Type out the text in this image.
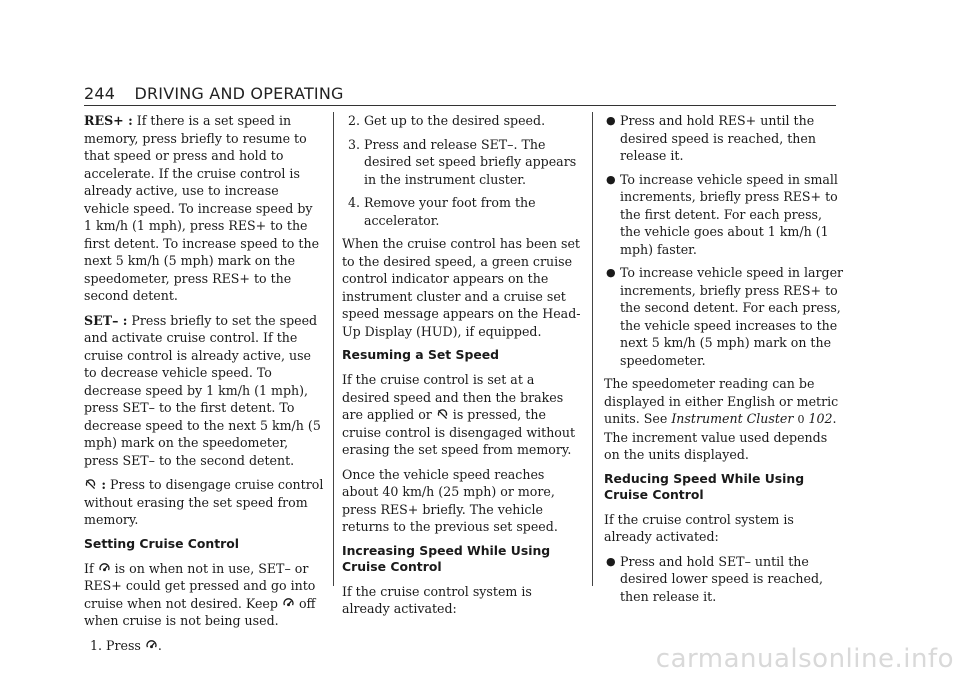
244 DRIVING AND OPERATING

RES+ : If there is a set speed in memory, press briefly to resume to that speed or press and hold to accelerate. If the cruise control is already active, use to increase vehicle speed. To increase speed by 1 km/h (1 mph), press RES+ to the first detent. To increase speed to the next 5 km/h (5 mph) mark on the speedometer, press RES+ to the second detent.

SET– : Press briefly to set the speed and activate cruise control. If the cruise control is already active, use to decrease vehicle speed. To decrease speed by 1 km/h (1 mph), press SET– to the first detent. To decrease speed to the next 5 km/h (5 mph) mark on the speedometer, press SET– to the second detent.

: Press to disengage cruise control without erasing the set speed from memory.

Setting Cruise Control

If
is on when not in use, SET– or RES+ could get pressed and go into cruise when not desired. Keep
off when cruise is not being used.

1. Press
.
2. Get up to the desired speed.
3. Press and release SET–. The desired set speed briefly appears in the instrument cluster.
4. Remove your foot from the accelerator.

When the cruise control has been set to the desired speed, a green cruise control indicator appears on the instrument cluster and a cruise set speed message appears on the Head-Up Display (HUD), if equipped.

Resuming a Set Speed

If the cruise control is set at a desired speed and then the brakes are applied or
is pressed, the cruise control is disengaged without erasing the set speed from memory.

Once the vehicle speed reaches about 40 km/h (25 mph) or more, press RES+ briefly. The vehicle returns to the previous set speed.

Increasing Speed While Using Cruise Control

If the cruise control system is already activated:

● Press and hold RES+ until the desired speed is reached, then release it.
● To increase vehicle speed in small increments, briefly press RES+ to the first detent. For each press, the vehicle goes about 1 km/h (1 mph) faster.
● To increase vehicle speed in larger increments, briefly press RES+ to the second detent. For each press, the vehicle speed increases to the next 5 km/h (5 mph) mark on the speedometer.

The speedometer reading can be displayed in either English or metric units. See Instrument Cluster 0 102. The increment value used depends on the units displayed.

Reducing Speed While Using Cruise Control

If the cruise control system is already activated:

● Press and hold SET– until the desired lower speed is reached, then release it.
carmanualsonline.info
